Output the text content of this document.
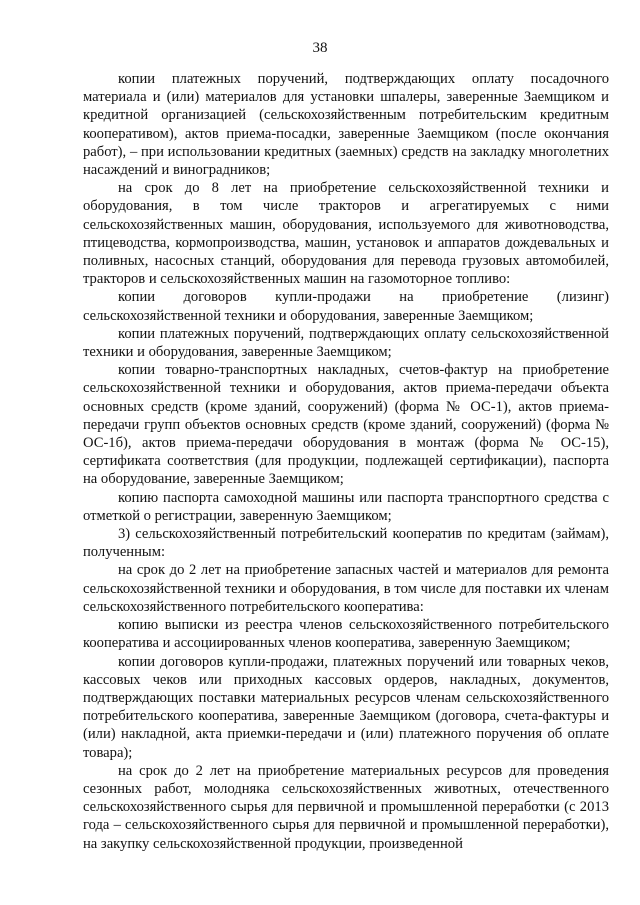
38

копии платежных поручений, подтверждающих оплату посадочного материала и (или) материалов для установки шпалеры, заверенные Заемщиком и кредитной организацией (сельскохозяйственным потребительским кредитным кооперативом), актов приема-посадки, заверенные Заемщиком (после окончания работ), – при использовании кредитных (заемных) средств на закладку многолетних насаждений и виноградников;

на срок до 8 лет на приобретение сельскохозяйственной техники и оборудования, в том числе тракторов и агрегатируемых с ними сельскохозяйственных машин, оборудования, используемого для животноводства, птицеводства, кормопроизводства, машин, установок и аппаратов дождевальных и поливных, насосных станций, оборудования для перевода грузовых автомобилей, тракторов и сельскохозяйственных машин на газомоторное топливо:

копии договоров купли-продажи на приобретение (лизинг) сельскохозяйственной техники и оборудования, заверенные Заемщиком;

копии платежных поручений, подтверждающих оплату сельскохозяйственной техники и оборудования, заверенные Заемщиком;

копии товарно-транспортных накладных, счетов-фактур на приобретение сельскохозяйственной техники и оборудования, актов приема-передачи объекта основных средств (кроме зданий, сооружений) (форма № ОС-1), актов приема-передачи групп объектов основных средств (кроме зданий, сооружений) (форма № ОС-1б), актов приема-передачи оборудования в монтаж (форма № ОС-15), сертификата соответствия (для продукции, подлежащей сертификации), паспорта на оборудование, заверенные Заемщиком;

копию паспорта самоходной машины или паспорта транспортного средства с отметкой о регистрации, заверенную Заемщиком;

3) сельскохозяйственный потребительский кооператив по кредитам (займам), полученным:

на срок до 2 лет на приобретение запасных частей и материалов для ремонта сельскохозяйственной техники и оборудования, в том числе для поставки их членам сельскохозяйственного потребительского кооператива:

копию выписки из реестра членов сельскохозяйственного потребительского кооператива и ассоциированных членов кооператива, заверенную Заемщиком;

копии договоров купли-продажи, платежных поручений или товарных чеков, кассовых чеков или приходных кассовых ордеров, накладных, документов, подтверждающих поставки материальных ресурсов членам сельскохозяйственного потребительского кооператива, заверенные Заемщиком (договора, счета-фактуры и (или) накладной, акта приемки-передачи и (или) платежного поручения об оплате товара);

на срок до 2 лет на приобретение материальных ресурсов для проведения сезонных работ, молодняка сельскохозяйственных животных, отечественного сельскохозяйственного сырья для первичной и промышленной переработки (с 2013 года – сельскохозяйственного сырья для первичной и промышленной переработки), на закупку сельскохозяйственной продукции, произведенной
